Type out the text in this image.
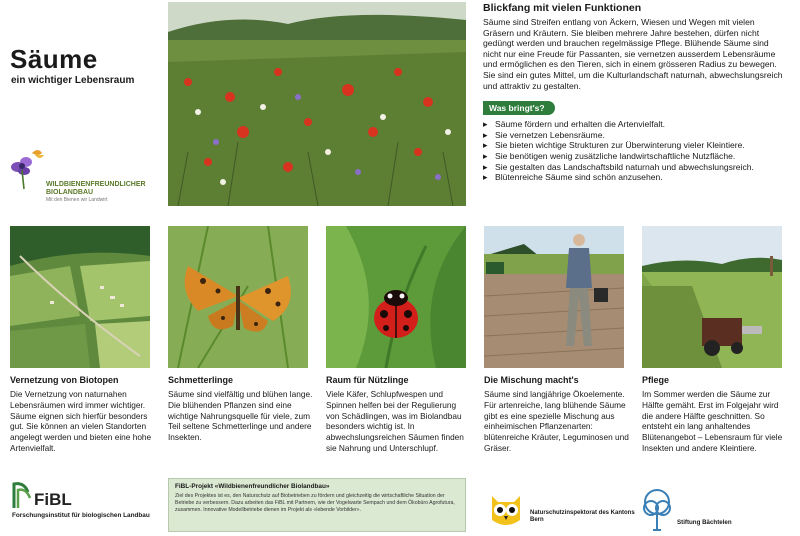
Säume
ein wichtiger Lebensraum
WILDBIENENFREUNDLICHER
BIOLANDBAU
Mit den Bienen wir Landwirt
Blickfang mit vielen Funktionen

Säume sind Streifen entlang von Äckern, Wiesen und Wegen mit vielen Gräsern und Kräutern. Sie bleiben mehrere Jahre bestehen, dürfen nicht gedüngt werden und brauchen regelmässige Pflege. Blühende Säume sind nicht nur eine Freude für Passanten, sie vernetzen ausserdem Lebensräume und ermöglichen es den Tieren, sich in einem grösseren Radius zu bewegen. Sie sind ein gutes Mittel, um die Kulturlandschaft naturnah, abwechslungsreich und attraktiv zu gestalten.

Was bringt's?
▸ Säume fördern und erhalten die Artenvielfalt.
▸ Sie vernetzen Lebensräume.
▸ Sie bieten wichtige Strukturen zur Überwinterung vieler Kleintiere.
▸ Sie benötigen wenig zusätzliche landwirtschaftliche Nutzfläche.
▸ Sie gestalten das Landschaftsbild naturnah und abwechslungsreich.
▸ Blütenreiche Säume sind schön anzusehen.
Vernetzung von Biotopen

Die Vernetzung von naturnahen Lebensräumen wird immer wichtiger. Säume eignen sich hierfür besonders gut. Sie können an vielen Standorten angelegt werden und bieten eine hohe Artenvielfalt.

Schmetterlinge

Säume sind vielfältig und blühen lange. Die blühenden Pflanzen sind eine wichtige Nahrungsquelle für viele, zum Teil seltene Schmetterlinge und andere Insekten.

Raum für Nützlinge

Viele Käfer, Schlupfwespen und Spinnen helfen bei der Regulierung von Schädlingen, was im Biolandbau besonders wichtig ist. In abwechslungsreichen Säumen finden sie Nahrung und Unterschlupf.

Die Mischung macht's

Säume sind langjährige Ökoelemente. Für artenreiche, lang blühende Säume gibt es eine spezielle Mischung aus einheimischen Pflanzenarten: blütenreiche Kräuter, Leguminosen und Gräser.

Pflege

Im Sommer werden die Säume zur Hälfte gemäht. Erst im Folgejahr wird die andere Hälfte geschnitten. So entsteht ein lang anhaltendes Blütenangebot – Lebensraum für viele Insekten und andere Kleintiere.

FiBL
Forschungsinstitut für biologischen Landbau
FiBL-Projekt «Wildbienenfreundlicher Biolandbau»
Ziel des Projektes ist es, den Naturschutz auf Biobetrieben zu fördern und gleichzeitig die wirtschaftliche Situation der Betriebe zu verbessern. Dazu arbeiten das FiBL mit Partnern, wie der Vogelwarte Sempach und dem Ökobüro Agrofutura, zusammen. Innovative Modellbetriebe dienen im Projekt als «lebende Vorbilder».	Naturschutzinspektorat des Kantons Bern	Stiftung Bächtelen
